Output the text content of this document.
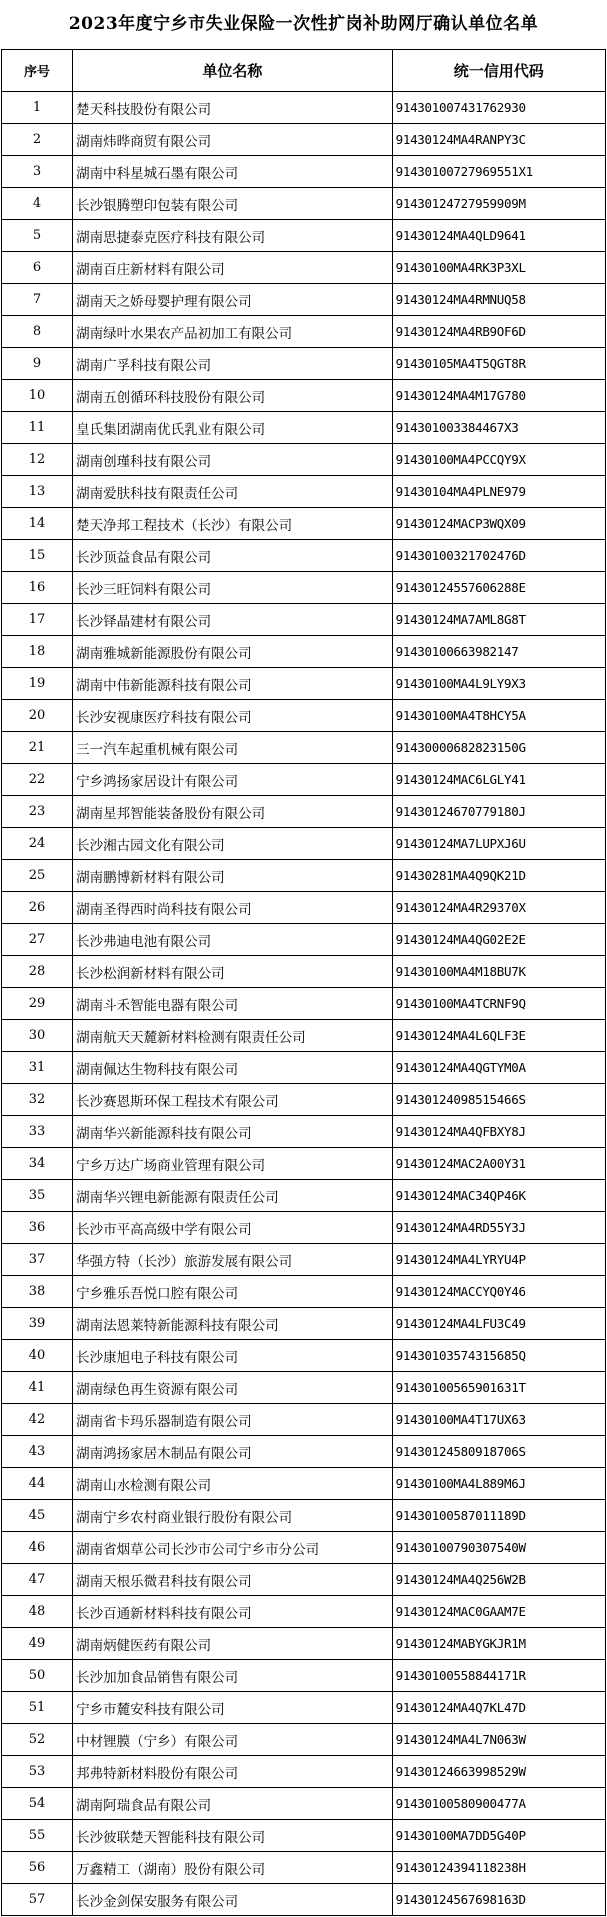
2023年度宁乡市失业保险一次性扩岗补助网厅确认单位名单
序号	单位名称	统一信用代码
1	楚天科技股份有限公司	914301007431762930
2	湖南炜晔商贸有限公司	91430124MA4RANPY3C
3	湖南中科星城石墨有限公司	91430100727969551X1
4	长沙银腾塑印包装有限公司	91430124727959909M
5	湖南思捷泰克医疗科技有限公司	91430124MA4QLD9641
6	湖南百庄新材料有限公司	91430100MA4RK3P3XL
7	湖南天之娇母婴护理有限公司	91430124MA4RMNUQ58
8	湖南绿叶水果农产品初加工有限公司	91430124MA4RB9OF6D
9	湖南广孚科技有限公司	91430105MA4T5QGT8R
10	湖南五创循环科技股份有限公司	91430124MA4M17G780
11	皇氏集团湖南优氏乳业有限公司	914301003384467X3
12	湖南创瑾科技有限公司	91430100MA4PCCQY9X
13	湖南爱肤科技有限责任公司	91430104MA4PLNE979
14	楚天净邦工程技术（长沙）有限公司	91430124MACP3WQX09
15	长沙顶益食品有限公司	91430100321702476D
16	长沙三旺饲料有限公司	91430124557606288E
17	长沙铎晶建材有限公司	91430124MA7AML8G8T
18	湖南雅城新能源股份有限公司	91430100663982147
19	湖南中伟新能源科技有限公司	91430100MA4L9LY9X3
20	长沙安视康医疗科技有限公司	91430100MA4T8HCY5A
21	三一汽车起重机械有限公司	91430000682823150G
22	宁乡鸿扬家居设计有限公司	91430124MAC6LGLY41
23	湖南星邦智能装备股份有限公司	91430124670779180J
24	长沙湘古园文化有限公司	91430124MA7LUPXJ6U
25	湖南鹏博新材料有限公司	91430281MA4Q9QK21D
26	湖南圣得西时尚科技有限公司	91430124MA4R29370X
27	长沙弗迪电池有限公司	91430124MA4QG02E2E
28	长沙松润新材料有限公司	91430100MA4M18BU7K
29	湖南斗禾智能电器有限公司	91430100MA4TCRNF9Q
30	湖南航天天麓新材料检测有限责任公司	91430124MA4L6QLF3E
31	湖南佩达生物科技有限公司	91430124MA4QGTYM0A
32	长沙赛恩斯环保工程技术有限公司	91430124098515466S
33	湖南华兴新能源科技有限公司	91430124MA4QFBXY8J
34	宁乡万达广场商业管理有限公司	91430124MAC2A00Y31
35	湖南华兴锂电新能源有限责任公司	91430124MAC34QP46K
36	长沙市平高高级中学有限公司	91430124MA4RD55Y3J
37	华强方特（长沙）旅游发展有限公司	91430124MA4LYRYU4P
38	宁乡雅乐吾悦口腔有限公司	91430124MACCYQ0Y46
39	湖南法恩莱特新能源科技有限公司	91430124MA4LFU3C49
40	长沙康旭电子科技有限公司	91430103574315685Q
41	湖南绿色再生资源有限公司	91430100565901631T
42	湖南省卡玛乐器制造有限公司	91430100MA4T17UX63
43	湖南鸿扬家居木制品有限公司	91430124580918706S
44	湖南山水检测有限公司	91430100MA4L889M6J
45	湖南宁乡农村商业银行股份有限公司	91430100587011189D
46	湖南省烟草公司长沙市公司宁乡市分公司	91430100790307540W
47	湖南天根乐微君科技有限公司	91430124MA4Q256W2B
48	长沙百通新材料科技有限公司	91430124MAC0GAAM7E
49	湖南炳健医药有限公司	91430124MABYGKJR1M
50	长沙加加食品销售有限公司	91430100558844171R
51	宁乡市麓安科技有限公司	91430124MA4Q7KL47D
52	中材锂膜（宁乡）有限公司	91430124MA4L7N063W
53	邦弗特新材料股份有限公司	91430124663998529W
54	湖南阿瑞食品有限公司	91430100580900477A
55	长沙彼联楚天智能科技有限公司	91430100MA7DD5G40P
56	万鑫精工（湖南）股份有限公司	91430124394118238H
57	长沙金剑保安服务有限公司	91430124567698163D
